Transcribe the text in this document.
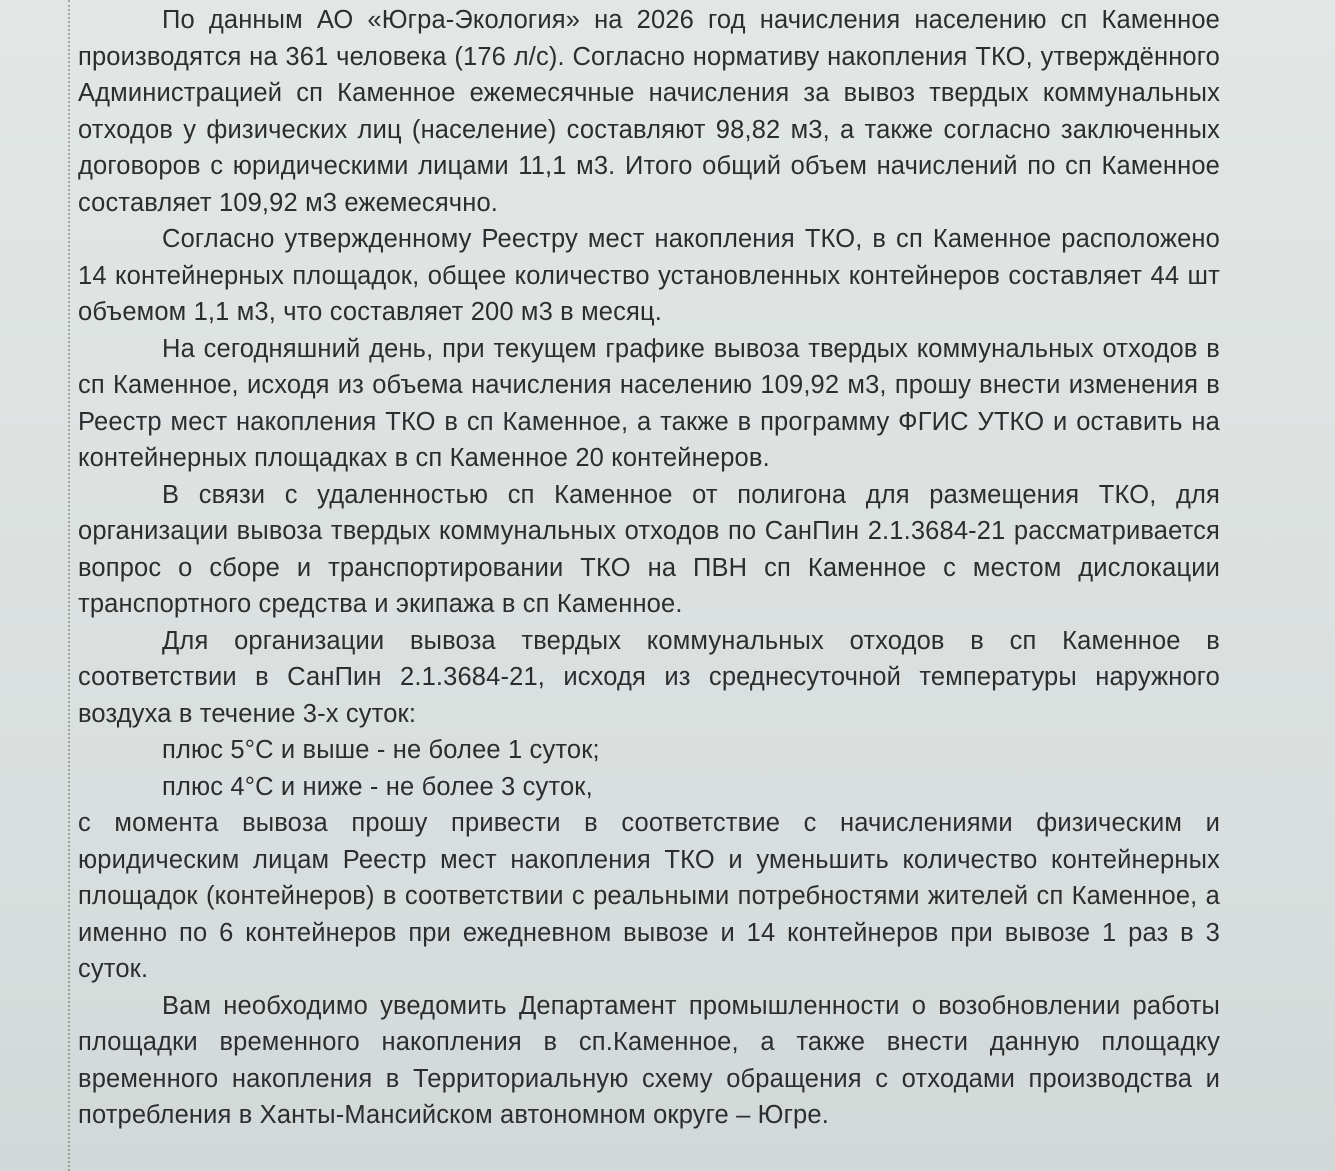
По данным АО «Югра-Экология» на 2026 год начисления населению сп Каменное производятся на 361 человека (176 л/с). Согласно нормативу накопления ТКО, утверждённого Администрацией сп Каменное ежемесячные начисления за вывоз твердых коммунальных отходов у физических лиц (население) составляют 98,82 м3, а также согласно заключенных договоров с юридическими лицами 11,1 м3. Итого общий объем начислений по сп Каменное составляет 109,92 м3 ежемесячно.

Согласно утвержденному Реестру мест накопления ТКО, в сп Каменное расположено 14 контейнерных площадок, общее количество установленных контейнеров составляет 44 шт объемом 1,1 м3, что составляет 200 м3 в месяц.

На сегодняшний день, при текущем графике вывоза твердых коммунальных отходов в сп Каменное, исходя из объема начисления населению 109,92 м3, прошу внести изменения в Реестр мест накопления ТКО в сп Каменное, а также в программу ФГИС УТКО и оставить на контейнерных площадках в сп Каменное 20 контейнеров.

В связи с удаленностью сп Каменное от полигона для размещения ТКО, для организации вывоза твердых коммунальных отходов по СанПин 2.1.3684-21 рассматривается вопрос о сборе и транспортировании ТКО на ПВН сп Каменное с местом дислокации транспортного средства и экипажа в сп Каменное.

Для организации вывоза твердых коммунальных отходов в сп Каменное в соответствии в СанПин 2.1.3684-21, исходя из среднесуточной температуры наружного воздуха в течение 3-х суток:

плюс 5°С и выше - не более 1 суток;

плюс 4°С и ниже - не более 3 суток,

с момента вывоза прошу привести в соответствие с начислениями физическим и юридическим лицам Реестр мест накопления ТКО и уменьшить количество контейнерных площадок (контейнеров) в соответствии с реальными потребностями жителей сп Каменное, а именно по 6 контейнеров при ежедневном вывозе и 14 контейнеров при вывозе 1 раз в 3 суток.

Вам необходимо уведомить Департамент промышленности о возобновлении работы площадки временного накопления в сп.Каменное, а также внести данную площадку временного накопления в Территориальную схему обращения с отходами производства и потребления в Ханты-Мансийском автономном округе – Югре.
